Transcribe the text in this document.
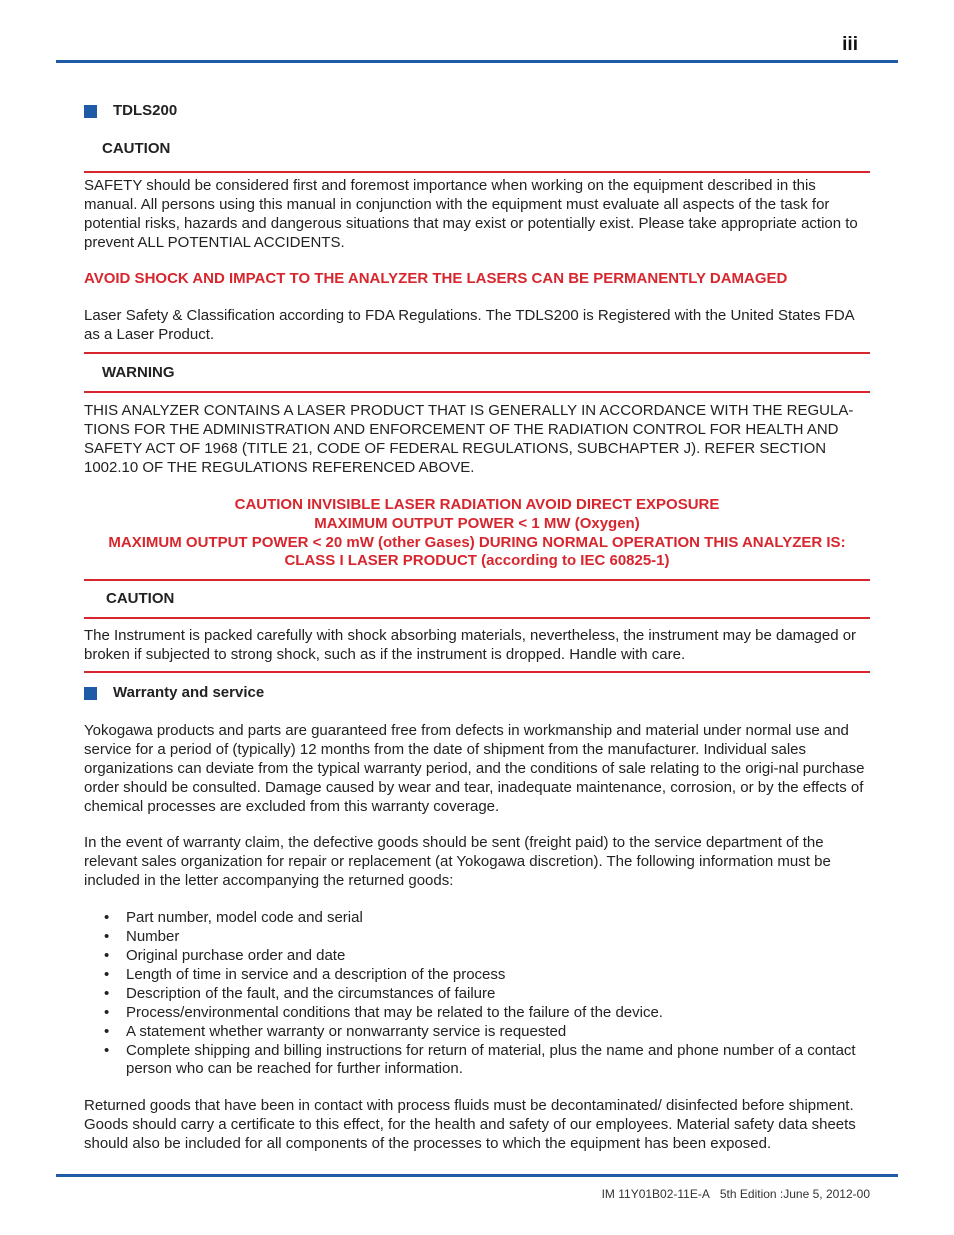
iii
TDLS200
CAUTION

SAFETY should be considered first and foremost importance when working on the equipment described in this manual. All persons using this manual in conjunction with the equipment must evaluate all aspects of the task for potential risks, hazards and dangerous situations that may exist or potentially exist. Please take appropriate action to prevent ALL POTENTIAL ACCIDENTS.

AVOID SHOCK AND IMPACT TO THE ANALYZER THE LASERS CAN BE PERMANENTLY DAMAGED

Laser Safety & Classification according to FDA Regulations. The TDLS200 is Registered with the United States FDA as a Laser Product.

WARNING

THIS ANALYZER CONTAINS A LASER PRODUCT THAT IS GENERALLY IN ACCORDANCE WITH THE REGULA-TIONS FOR THE ADMINISTRATION AND ENFORCEMENT OF THE RADIATION CONTROL FOR HEALTH AND SAFETY ACT OF 1968 (TITLE 21, CODE OF FEDERAL REGULATIONS, SUBCHAPTER J). REFER SECTION 1002.10 OF THE REGULATIONS REFERENCED ABOVE.

CAUTION INVISIBLE LASER RADIATION AVOID DIRECT EXPOSURE
MAXIMUM OUTPUT POWER < 1 MW (Oxygen)
MAXIMUM OUTPUT POWER < 20 mW (other Gases) DURING NORMAL OPERATION THIS ANALYZER IS:
CLASS I LASER PRODUCT (according to IEC 60825-1)
CAUTION

The Instrument is packed carefully with shock absorbing materials, nevertheless, the instrument may be damaged or broken if subjected to strong shock, such as if the instrument is dropped. Handle with care.

Warranty and service

Yokogawa products and parts are guaranteed free from defects in workmanship and material under normal use and service for a period of (typically) 12 months from the date of shipment from the manufacturer. Individual sales organizations can deviate from the typical warranty period, and the conditions of sale relating to the origi-nal purchase order should be consulted. Damage caused by wear and tear, inadequate maintenance, corrosion, or by the effects of chemical processes are excluded from this warranty coverage.

In the event of warranty claim, the defective goods should be sent (freight paid) to the service department of the relevant sales organization for repair or replacement (at Yokogawa discretion). The following information must be included in the letter accompanying the returned goods:

• Part number, model code and serial
• Number
• Original purchase order and date
• Length of time in service and a description of the process
• Description of the fault, and the circumstances of failure
• Process/environmental conditions that may be related to the failure of the device.
• A statement whether warranty or nonwarranty service is requested
• Complete shipping and billing instructions for return of material, plus the name and phone number of a contact person who can be reached for further information.

Returned goods that have been in contact with process fluids must be decontaminated/ disinfected before shipment. Goods should carry a certificate to this effect, for the health and safety of our employees. Material safety data sheets should also be included for all components of the processes to which the equipment has been exposed.

IM 11Y01B02-11E-A 5th Edition :June 5, 2012-00
